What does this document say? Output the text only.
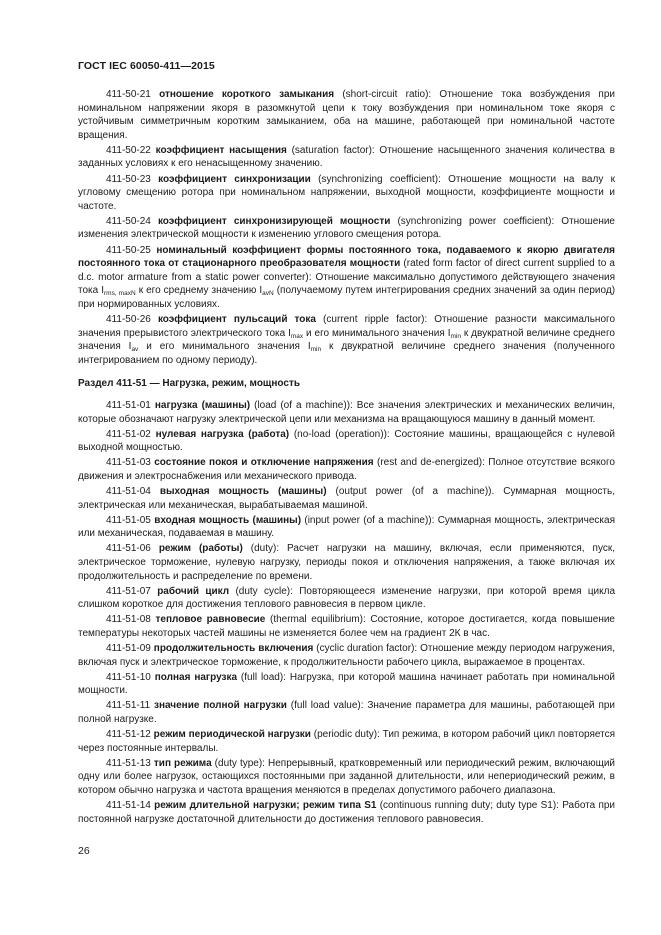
ГОСТ IEC 60050-411—2015

411-50-21 отношение короткого замыкания (short-circuit ratio): Отношение тока возбуждения при номинальном напряжении якоря в разомкнутой цепи к току возбуждения при номинальном токе якоря с устойчивым симметричным коротким замыканием, оба на машине, работающей при номинальной частоте вращения.

411-50-22 коэффициент насыщения (saturation factor): Отношение насыщенного значения количества в заданных условиях к его ненасыщенному значению.

411-50-23 коэффициент синхронизации (synchronizing coefficient): Отношение мощности на валу к угловому смещению ротора при номинальном напряжении, выходной мощности, коэффициенте мощности и частоте.

411-50-24 коэффициент синхронизирующей мощности (synchronizing power coefficient): Отношение изменения электрической мощности к изменению углового смещения ротора.

411-50-25 номинальный коэффициент формы постоянного тока, подаваемого к якорю двигателя постоянного тока от стационарного преобразователя мощности (rated form factor of direct current supplied to a d.c. motor armature from a static power converter): Отношение максимально допустимого действующего значения тока $I_{rms, maxN}$ к его среднему значению $I_{avN}$ (получаемому путем интегрирования средних значений за один период) при нормированных условиях.

411-50-26 коэффициент пульсаций тока (current ripple factor): Отношение разности максимального значения прерывистого электрического тока $I_{max}$ и его минимального значения $I_{min}$ к двукратной величине среднего значения $I_{av}$ и его минимального значения $I_{min}$ к двукратной величине среднего значения (полученного интегрированием по одному периоду).

Раздел 411-51 — Нагрузка, режим, мощность

411-51-01 нагрузка (машины) (load (of a machine)): Все значения электрических и механических величин, которые обозначают нагрузку электрической цепи или механизма на вращающуюся машину в данный момент.

411-51-02 нулевая нагрузка (работа) (no-load (operation)): Состояние машины, вращающейся с нулевой выходной мощностью.

411-51-03 состояние покоя и отключение напряжения (rest and de-energized): Полное отсутствие всякого движения и электроснабжения или механического привода.

411-51-04 выходная мощность (машины) (output power (of a machine)). Суммарная мощность, электрическая или механическая, вырабатываемая машиной.

411-51-05 входная мощность (машины) (input power (of a machine)): Суммарная мощность, электрическая или механическая, подаваемая в машину.

411-51-06 режим (работы) (duty): Расчет нагрузки на машину, включая, если применяются, пуск, электрическое торможение, нулевую нагрузку, периоды покоя и отключения напряжения, а также включая их продолжительность и распределение по времени.

411-51-07 рабочий цикл (duty cycle): Повторяющееся изменение нагрузки, при которой время цикла слишком короткое для достижения теплового равновесия в первом цикле.

411-51-08 тепловое равновесие (thermal equilibrium): Состояние, которое достигается, когда повышение температуры некоторых частей машины не изменяется более чем на градиент 2К в час.

411-51-09 продолжительность включения (cyclic duration factor): Отношение между периодом нагружения, включая пуск и электрическое торможение, к продолжительности рабочего цикла, выражаемое в процентах.

411-51-10 полная нагрузка (full load): Нагрузка, при которой машина начинает работать при номинальной мощности.

411-51-11 значение полной нагрузки (full load value): Значение параметра для машины, работающей при полной нагрузке.

411-51-12 режим периодической нагрузки (periodic duty): Тип режима, в котором рабочий цикл повторяется через постоянные интервалы.

411-51-13 тип режима (duty type): Непрерывный, кратковременный или периодический режим, включающий одну или более нагрузок, остающихся постоянными при заданной длительности, или непериодический режим, в котором обычно нагрузка и частота вращения меняются в пределах допустимого рабочего диапазона.

411-51-14 режим длительной нагрузки; режим типа S1 (continuous running duty; duty type S1): Работа при постоянной нагрузке достаточной длительности до достижения теплового равновесия.

26
